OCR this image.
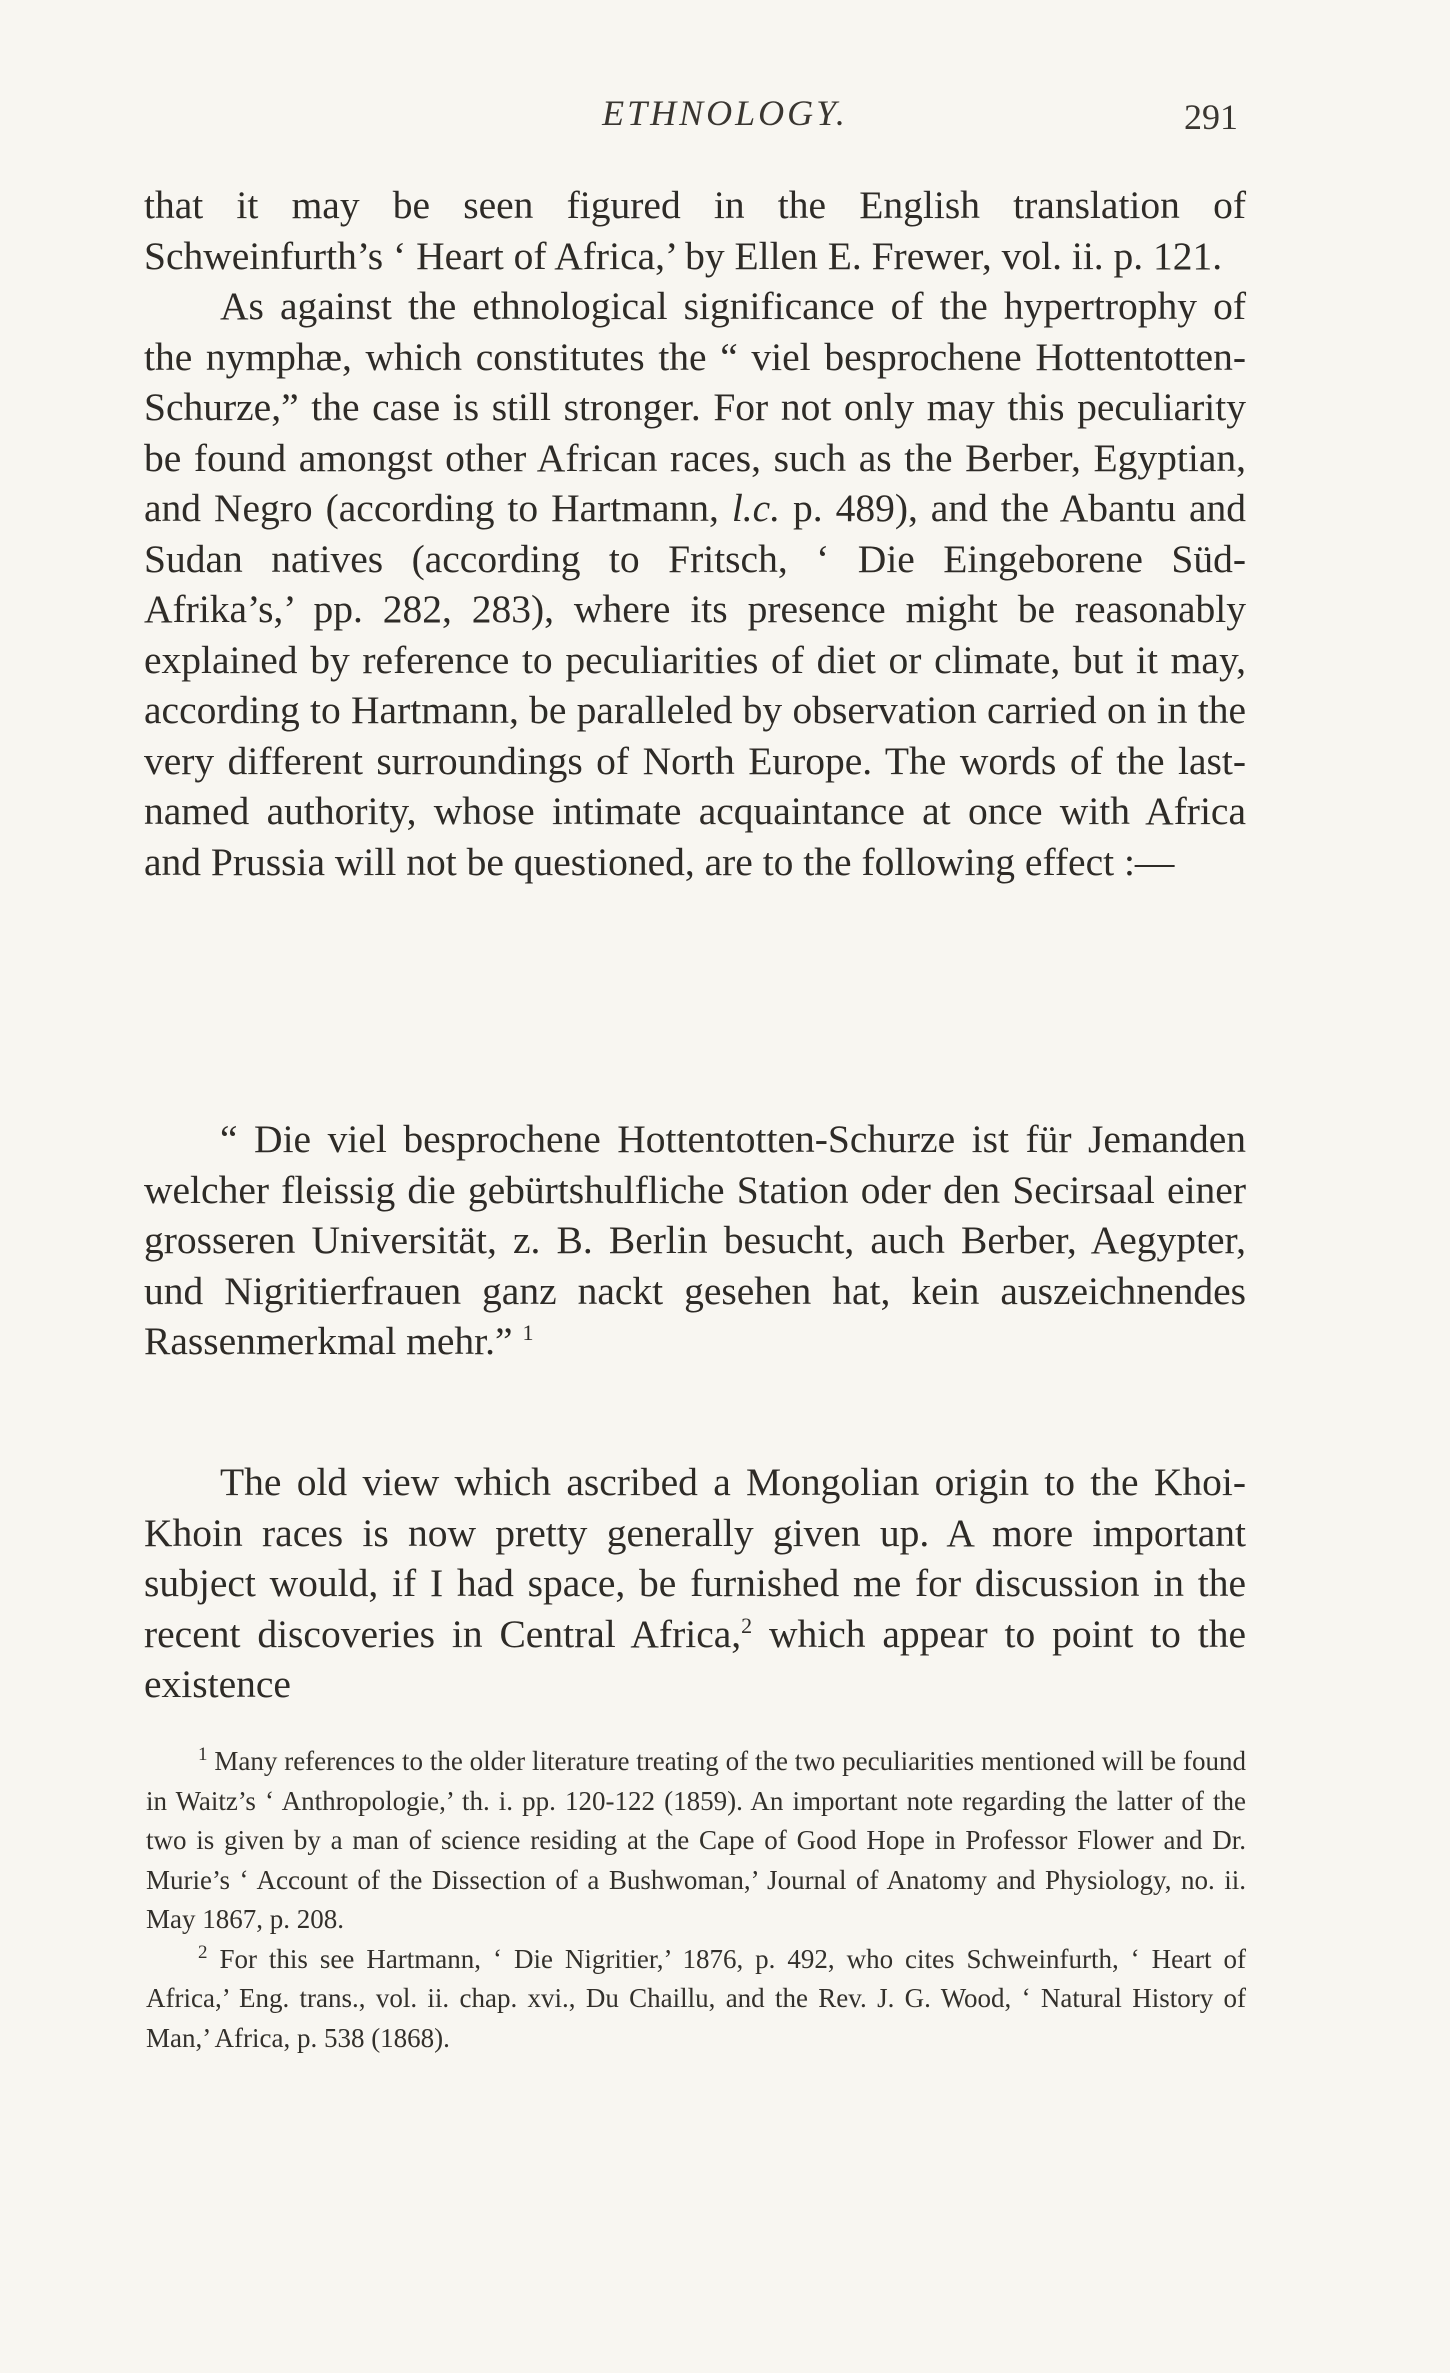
ETHNOLOGY.	291

that it may be seen figured in the English translation of Schweinfurth’s ‘ Heart of Africa,’ by Ellen E. Frewer, vol. ii. p. 121.

As against the ethnological significance of the hypertrophy of the nymphæ, which constitutes the “ viel besprochene Hottentotten-Schurze,” the case is still stronger. For not only may this peculiarity be found amongst other African races, such as the Berber, Egyptian, and Negro (according to Hartmann, l.c. p. 489), and the Abantu and Sudan natives (according to Fritsch, ‘ Die Eingeborene Süd-Afrika’s,’ pp. 282, 283), where its presence might be reasonably explained by reference to peculiarities of diet or climate, but it may, according to Hartmann, be paralleled by observation carried on in the very different surroundings of North Europe. The words of the last-named authority, whose intimate acquaintance at once with Africa and Prussia will not be questioned, are to the following effect :—

“ Die viel besprochene Hottentotten-Schurze ist für Jemanden welcher fleissig die gebürtshulfliche Station oder den Secirsaal einer grosseren Universität, z. B. Berlin besucht, auch Berber, Aegypter, und Nigritierfrauen ganz nackt gesehen hat, kein auszeichnendes Rassenmerkmal mehr.” $^1$

The old view which ascribed a Mongolian origin to the Khoi-Khoin races is now pretty generally given up. A more important subject would, if I had space, be furnished me for discussion in the recent discoveries in Central Africa,$^2$ which appear to point to the existence

$^1$ Many references to the older literature treating of the two peculiarities mentioned will be found in Waitz’s ‘ Anthropologie,’ th. i. pp. 120-122 (1859). An important note regarding the latter of the two is given by a man of science residing at the Cape of Good Hope in Professor Flower and Dr. Murie’s ‘ Account of the Dissection of a Bushwoman,’ Journal of Anatomy and Physiology, no. ii. May 1867, p. 208.

$^2$ For this see Hartmann, ‘ Die Nigritier,’ 1876, p. 492, who cites Schweinfurth, ‘ Heart of Africa,’ Eng. trans., vol. ii. chap. xvi., Du Chaillu, and the Rev. J. G. Wood, ‘ Natural History of Man,’ Africa, p. 538 (1868).
